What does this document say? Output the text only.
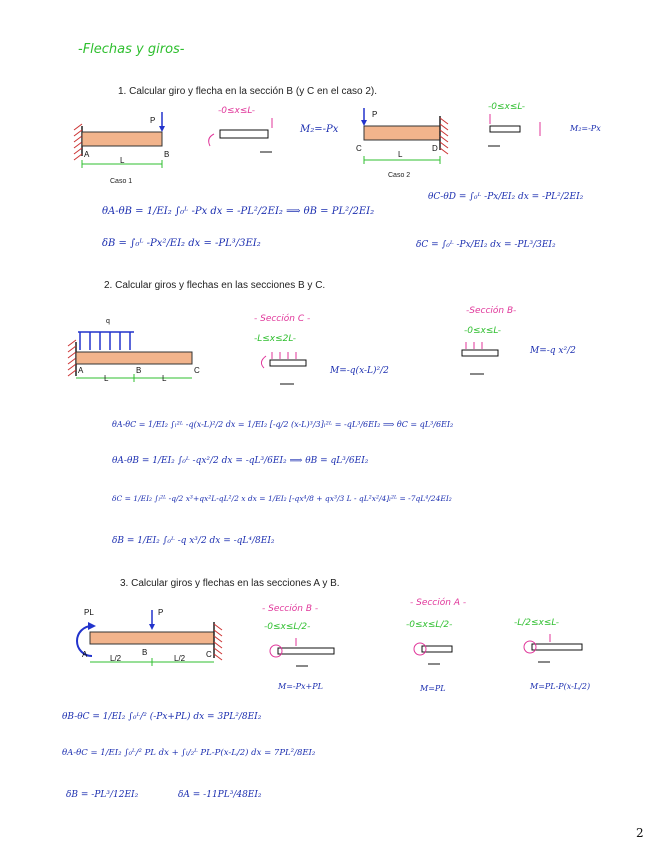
-Flechas y giros-
1. Calcular giro y flecha en la sección B (y C en el caso 2).
P
A	B
L
Caso 1
-0≤x≤L-
M₂=-Px
P
C	D
L
Caso 2
-0≤x≤L-
M₂=-Px
θA-θB = 1/EI₂ ∫₀ᴸ -Px dx = -PL²/2EI₂ ⟹ θB = PL²/2EI₂
δB = ∫₀ᴸ -Px²/EI₂ dx = -PL³/3EI₂
θC-θD = ∫₀ᴸ -Px/EI₂ dx = -PL²/2EI₂
δC = ∫₀ᴸ -Px/EI₂ dx = -PL³/3EI₂
2. Calcular giros y flechas en las secciones B y C.
q
A	B	C
L	L
- Sección C -
-L≤x≤2L-
M=-q(x-L)²/2
-Sección B-
-0≤x≤L-
M=-q x²/2
θA-θC = 1/EI₂ ∫ₗ²ᴸ -q(x-L)²/2 dx = 1/EI₂ [-q/2 (x-L)³/3]ₗ²ᴸ = -qL³/6EI₂ ⟹ θC = qL³/6EI₂
θA-θB = 1/EI₂ ∫₀ᴸ -qx²/2 dx = -qL³/6EI₂ ⟹ θB = qL³/6EI₂
δC = 1/EI₂ ∫ₗ²ᴸ -q/2 x³+qx²L-qL²/2 x dx = 1/EI₂ [-qx⁴/8 + qx³/3 L - qL²x²/4]ₗ²ᴸ = -7qL⁴/24EI₂
δB = 1/EI₂ ∫₀ᴸ -q x³/2 dx = -qL⁴/8EI₂
3. Calcular giros y flechas en las secciones A y B.
PL	P
A	B	C
L/2	L/2
- Sección B -
-0≤x≤L/2-
M=-Px+PL
- Sección A -
-0≤x≤L/2-
M=PL
-L/2≤x≤L-
M=PL-P(x-L/2)
θB-θC = 1/EI₂ ∫₀ᴸ/² (-Px+PL) dx = 3PL²/8EI₂
θA-θC = 1/EI₂ ∫₀ᴸ/² PL dx + ∫ₗ/₂ᴸ PL-P(x-L/2) dx = 7PL²/8EI₂
δB = -PL³/12EI₂	δA = -11PL³/48EI₂
2
